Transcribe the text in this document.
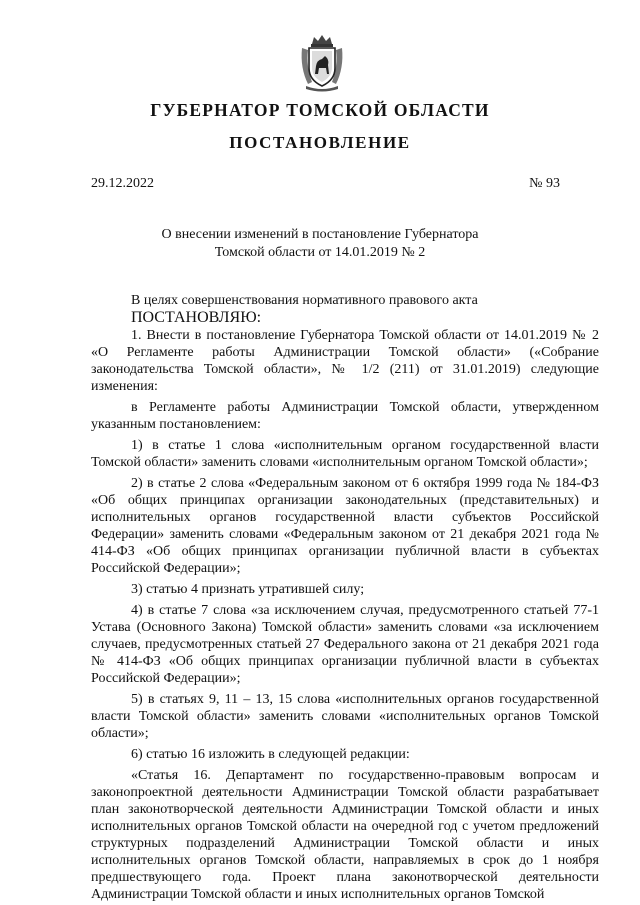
ГУБЕРНАТОР ТОМСКОЙ ОБЛАСТИ
ПОСТАНОВЛЕНИЕ
29.12.2022	№ 93
О внесении изменений в постановление Губернатора
Томской области от 14.01.2019 № 2

В целях совершенствования нормативного правового акта

ПОСТАНОВЛЯЮ:

1. Внести в постановление Губернатора Томской области от 14.01.2019 № 2 «О Регламенте работы Администрации Томской области» («Собрание законодательства Томской области», № 1/2 (211) от 31.01.2019) следующие изменения:

в Регламенте работы Администрации Томской области, утвержденном указанным постановлением:

1) в статье 1 слова «исполнительным органом государственной власти Томской области» заменить словами «исполнительным органом Томской области»;

2) в статье 2 слова «Федеральным законом от 6 октября 1999 года № 184-ФЗ «Об общих принципах организации законодательных (представительных) и исполнительных органов государственной власти субъектов Российской Федерации» заменить словами «Федеральным законом от 21 декабря 2021 года № 414-ФЗ «Об общих принципах организации публичной власти в субъектах Российской Федерации»;

3) статью 4 признать утратившей силу;

4) в статье 7 слова «за исключением случая, предусмотренного статьей 77-1 Устава (Основного Закона) Томской области» заменить словами «за исключением случаев, предусмотренных статьей 27 Федерального закона от 21 декабря 2021 года № 414-ФЗ «Об общих принципах организации публичной власти в субъектах Российской Федерации»;

5) в статьях 9, 11 – 13, 15 слова «исполнительных органов государственной власти Томской области» заменить словами «исполнительных органов Томской области»;

6) статью 16 изложить в следующей редакции:

«Статья 16. Департамент по государственно-правовым вопросам и законопроектной деятельности Администрации Томской области разрабатывает план законотворческой деятельности Администрации Томской области и иных исполнительных органов Томской области на очередной год с учетом предложений структурных подразделений Администрации Томской области и иных исполнительных органов Томской области, направляемых в срок до 1 ноября предшествующего года. Проект плана законотворческой деятельности Администрации Томской области и иных исполнительных органов Томской
